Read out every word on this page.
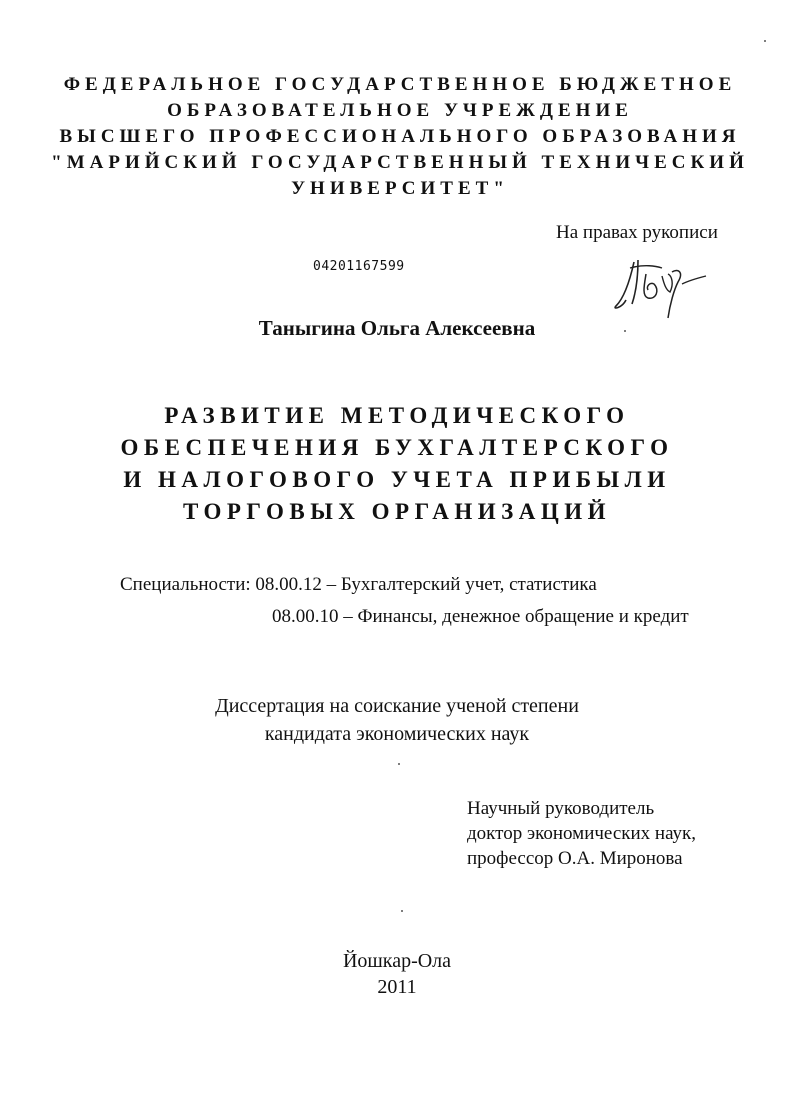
ФЕДЕРАЛЬНОЕ ГОСУДАРСТВЕННОЕ БЮДЖЕТНОЕ
ОБРАЗОВАТЕЛЬНОЕ УЧРЕЖДЕНИЕ
ВЫСШЕГО ПРОФЕССИОНАЛЬНОГО ОБРАЗОВАНИЯ
"МАРИЙСКИЙ ГОСУДАРСТВЕННЫЙ ТЕХНИЧЕСКИЙ
УНИВЕРСИТЕТ"
На правах рукописи
04201167599
Таныгина Ольга Алексеевна
РАЗВИТИЕ МЕТОДИЧЕСКОГО
ОБЕСПЕЧЕНИЯ БУХГАЛТЕРСКОГО
И НАЛОГОВОГО УЧЕТА ПРИБЫЛИ
ТОРГОВЫХ ОРГАНИЗАЦИЙ
Специальности: 08.00.12 – Бухгалтерский учет, статистика
08.00.10 – Финансы, денежное обращение и кредит
Диссертация на соискание ученой степени
кандидата экономических наук
Научный руководитель
доктор экономических наук,
профессор О.А. Миронова
Йошкар-Ола
2011
